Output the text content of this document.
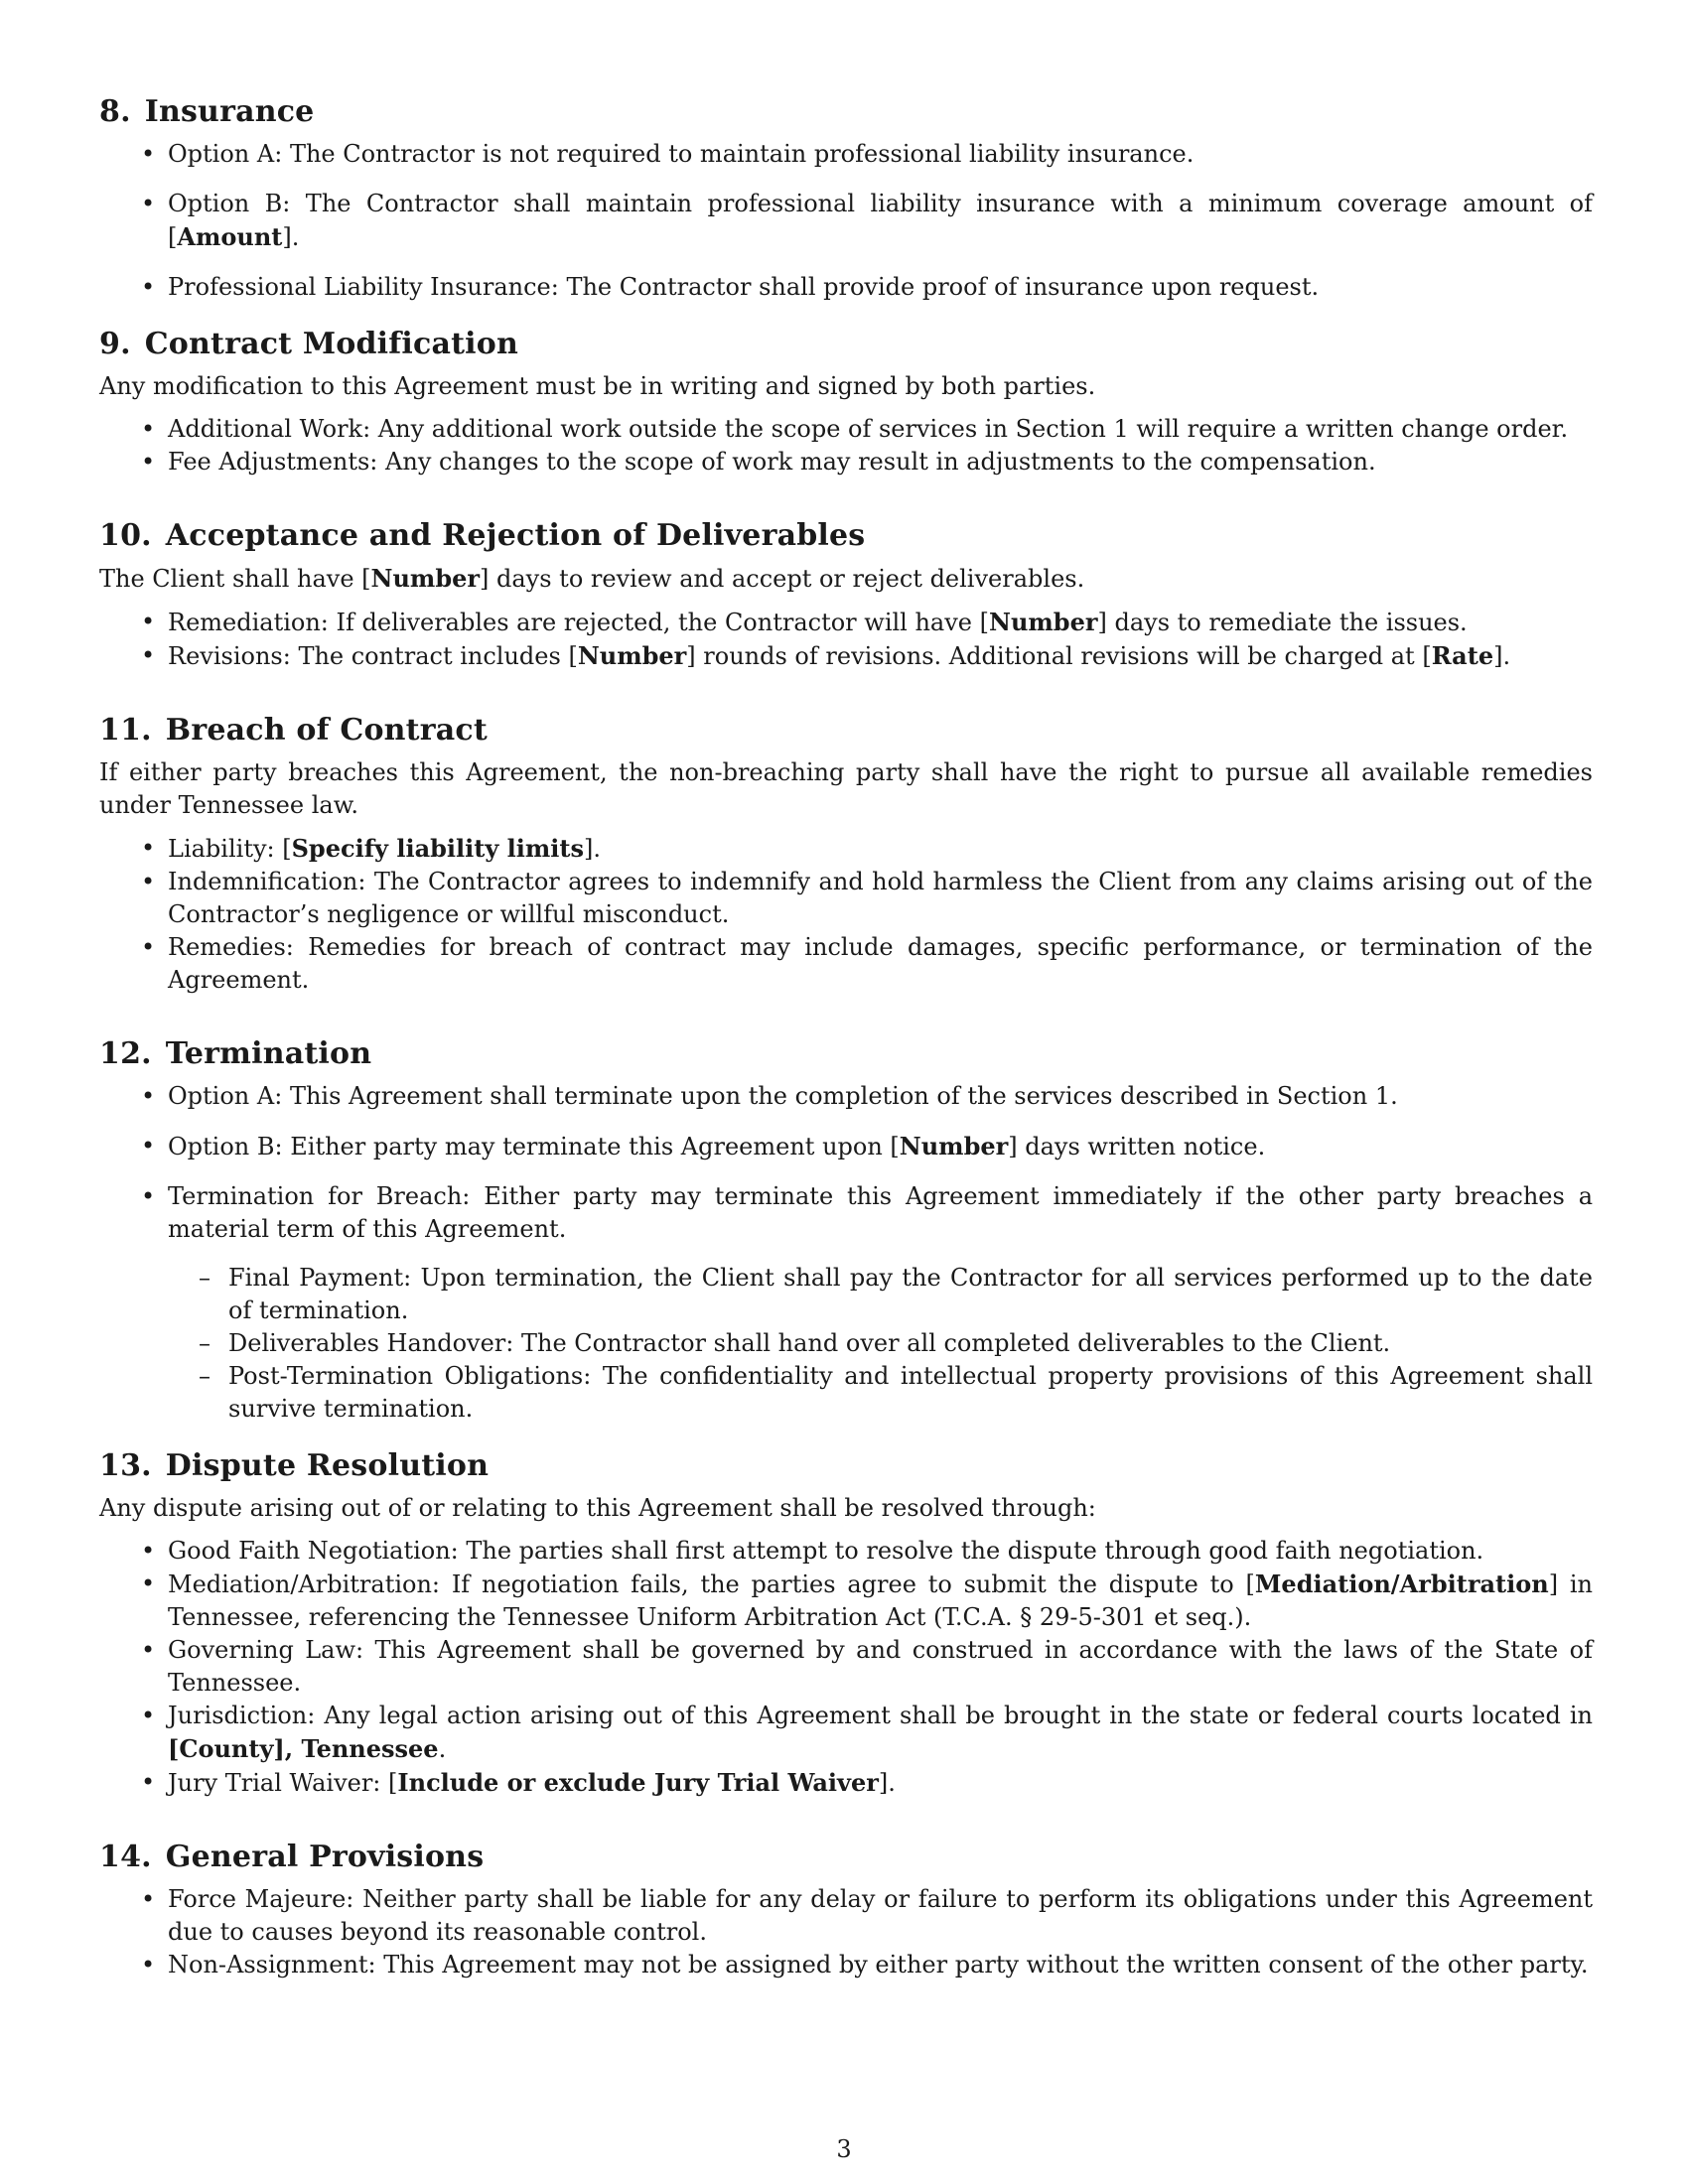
8. Insurance
• Option A: The Contractor is not required to maintain professional liability insurance.
• Option B: The Contractor shall maintain professional liability insurance with a minimum coverage amount of [Amount].
• Professional Liability Insurance: The Contractor shall provide proof of insurance upon request.
9. Contract Modification

Any modification to this Agreement must be in writing and signed by both parties.

• Additional Work: Any additional work outside the scope of services in Section 1 will require a written change order.
• Fee Adjustments: Any changes to the scope of work may result in adjustments to the compensation.
10. Acceptance and Rejection of Deliverables

The Client shall have [Number] days to review and accept or reject deliverables.

• Remediation: If deliverables are rejected, the Contractor will have [Number] days to remediate the issues.
• Revisions: The contract includes [Number] rounds of revisions. Additional revisions will be charged at [Rate].
11. Breach of Contract

If either party breaches this Agreement, the non-breaching party shall have the right to pursue all available remedies under Tennessee law.

• Liability: [Specify liability limits].
• Indemnification: The Contractor agrees to indemnify and hold harmless the Client from any claims arising out of the Contractor’s negligence or willful misconduct.
• Remedies: Remedies for breach of contract may include damages, specific performance, or termination of the Agreement.
12. Termination
• Option A: This Agreement shall terminate upon the completion of the services described in Section 1.
• Option B: Either party may terminate this Agreement upon [Number] days written notice.
• Termination for Breach: Either party may terminate this Agreement immediately if the other party breaches a material term of this Agreement.
– Final Payment: Upon termination, the Client shall pay the Contractor for all services performed up to the date of termination.
– Deliverables Handover: The Contractor shall hand over all completed deliverables to the Client.
– Post-Termination Obligations: The confidentiality and intellectual property provisions of this Agreement shall survive termination.
13. Dispute Resolution

Any dispute arising out of or relating to this Agreement shall be resolved through:

• Good Faith Negotiation: The parties shall first attempt to resolve the dispute through good faith negotiation.
• Mediation/Arbitration: If negotiation fails, the parties agree to submit the dispute to [Mediation/Arbitration] in Tennessee, referencing the Tennessee Uniform Arbitration Act (T.C.A. § 29-5-301 et seq.).
• Governing Law: This Agreement shall be governed by and construed in accordance with the laws of the State of Tennessee.
• Jurisdiction: Any legal action arising out of this Agreement shall be brought in the state or federal courts located in [County], Tennessee.
• Jury Trial Waiver: [Include or exclude Jury Trial Waiver].
14. General Provisions
• Force Majeure: Neither party shall be liable for any delay or failure to perform its obligations under this Agreement due to causes beyond its reasonable control.
• Non-Assignment: This Agreement may not be assigned by either party without the written consent of the other party.
3
